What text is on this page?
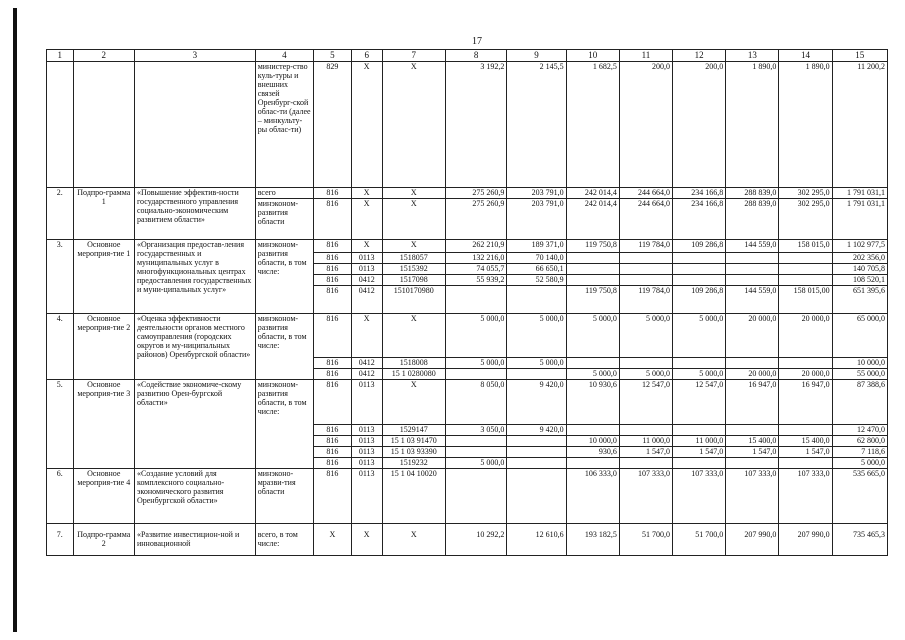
17
1	2	3	4	5	6	7	8	9	10	11	12	13	14	15
			министер-ство куль-туры и внешних связей Оренбург-ской облас-ти (далее – минкульту-ры облас-ти)	829	X	X	3 192,2	2 145,5	1 682,5	200,0	200,0	1 890,0	1 890,0	11 200,2
2.	Подпро-грамма 1	«Повышение эффектив-ности государственного управления социально-экономическим развитием области»	всего	816	X	X	275 260,9	203 791,0	242 014,4	244 664,0	234 166,8	288 839,0	302 295,0	1 791 031,1
			минэконом-развития области	816	X	X	275 260,9	203 791,0	242 014,4	244 664,0	234 166,8	288 839,0	302 295,0	1 791 031,1
3.	Основное мероприя-тие 1	«Организация предостав-ления государственных и муниципальных услуг в многофункциональных центрах предоставления государственных и муни-ципальных услуг»	минэконом-развития области, в том числе:	816	X	X	262 210,9	189 371,0	119 750,8	119 784,0	109 286,8	144 559,0	158 015,0	1 102 977,5
				816	0113	1518057	132 216,0	70 140,0						202 356,0
				816	0113	1515392	74 055,7	66 650,1						140 705,8
				816	0412	1517098	55 939,2	52 580,9						108 520,1
				816	0412	1510170980			119 750,8	119 784,0	109 286,8	144 559,0	158 015,00	651 395,6
4.	Основное мероприя-тие 2	«Оценка эффективности деятельности органов местного самоуправления (городских округов и му-ниципальных районов) Оренбургской области»	минэконом-развития области, в том числе:	816	X	X	5 000,0	5 000,0	5 000,0	5 000,0	5 000,0	20 000,0	20 000,0	65 000,0
				816	0412	1518008	5 000,0	5 000,0						10 000,0
				816	0412	15 1 0280080			5 000,0	5 000,0	5 000,0	20 000,0	20 000,0	55 000,0
5.	Основное мероприя-тие 3	«Содействие экономиче-скому развитию Орен-бургской области»	минэконом-развития области, в том числе:	816	0113	X	8 050,0	9 420,0	10 930,6	12 547,0	12 547,0	16 947,0	16 947,0	87 388,6
				816	0113	1529147	3 050,0	9 420,0						12 470,0
				816	0113	15 1 03 91470			10 000,0	11 000,0	11 000,0	15 400,0	15 400,0	62 800,0
				816	0113	15 1 03 93390			930,6	1 547,0	1 547,0	1 547,0	1 547,0	7 118,6
				816	0113	1519232	5 000,0							5 000,0
6.	Основное мероприя-тие 4	«Создание условий для комплексного социально-экономического развития Оренбургской области»	минэконо-мразви-тия области	816	0113	15 1 04 10020			106 333,0	107 333,0	107 333,0	107 333,0	107 333,0	535 665,0
7.	Подпро-грамма 2	«Развитие инвестицион-ной и инновационной	всего, в том числе:	X	X	X	10 292,2	12 610,6	193 182,5	51 700,0	51 700,0	207 990,0	207 990,0	735 465,3
